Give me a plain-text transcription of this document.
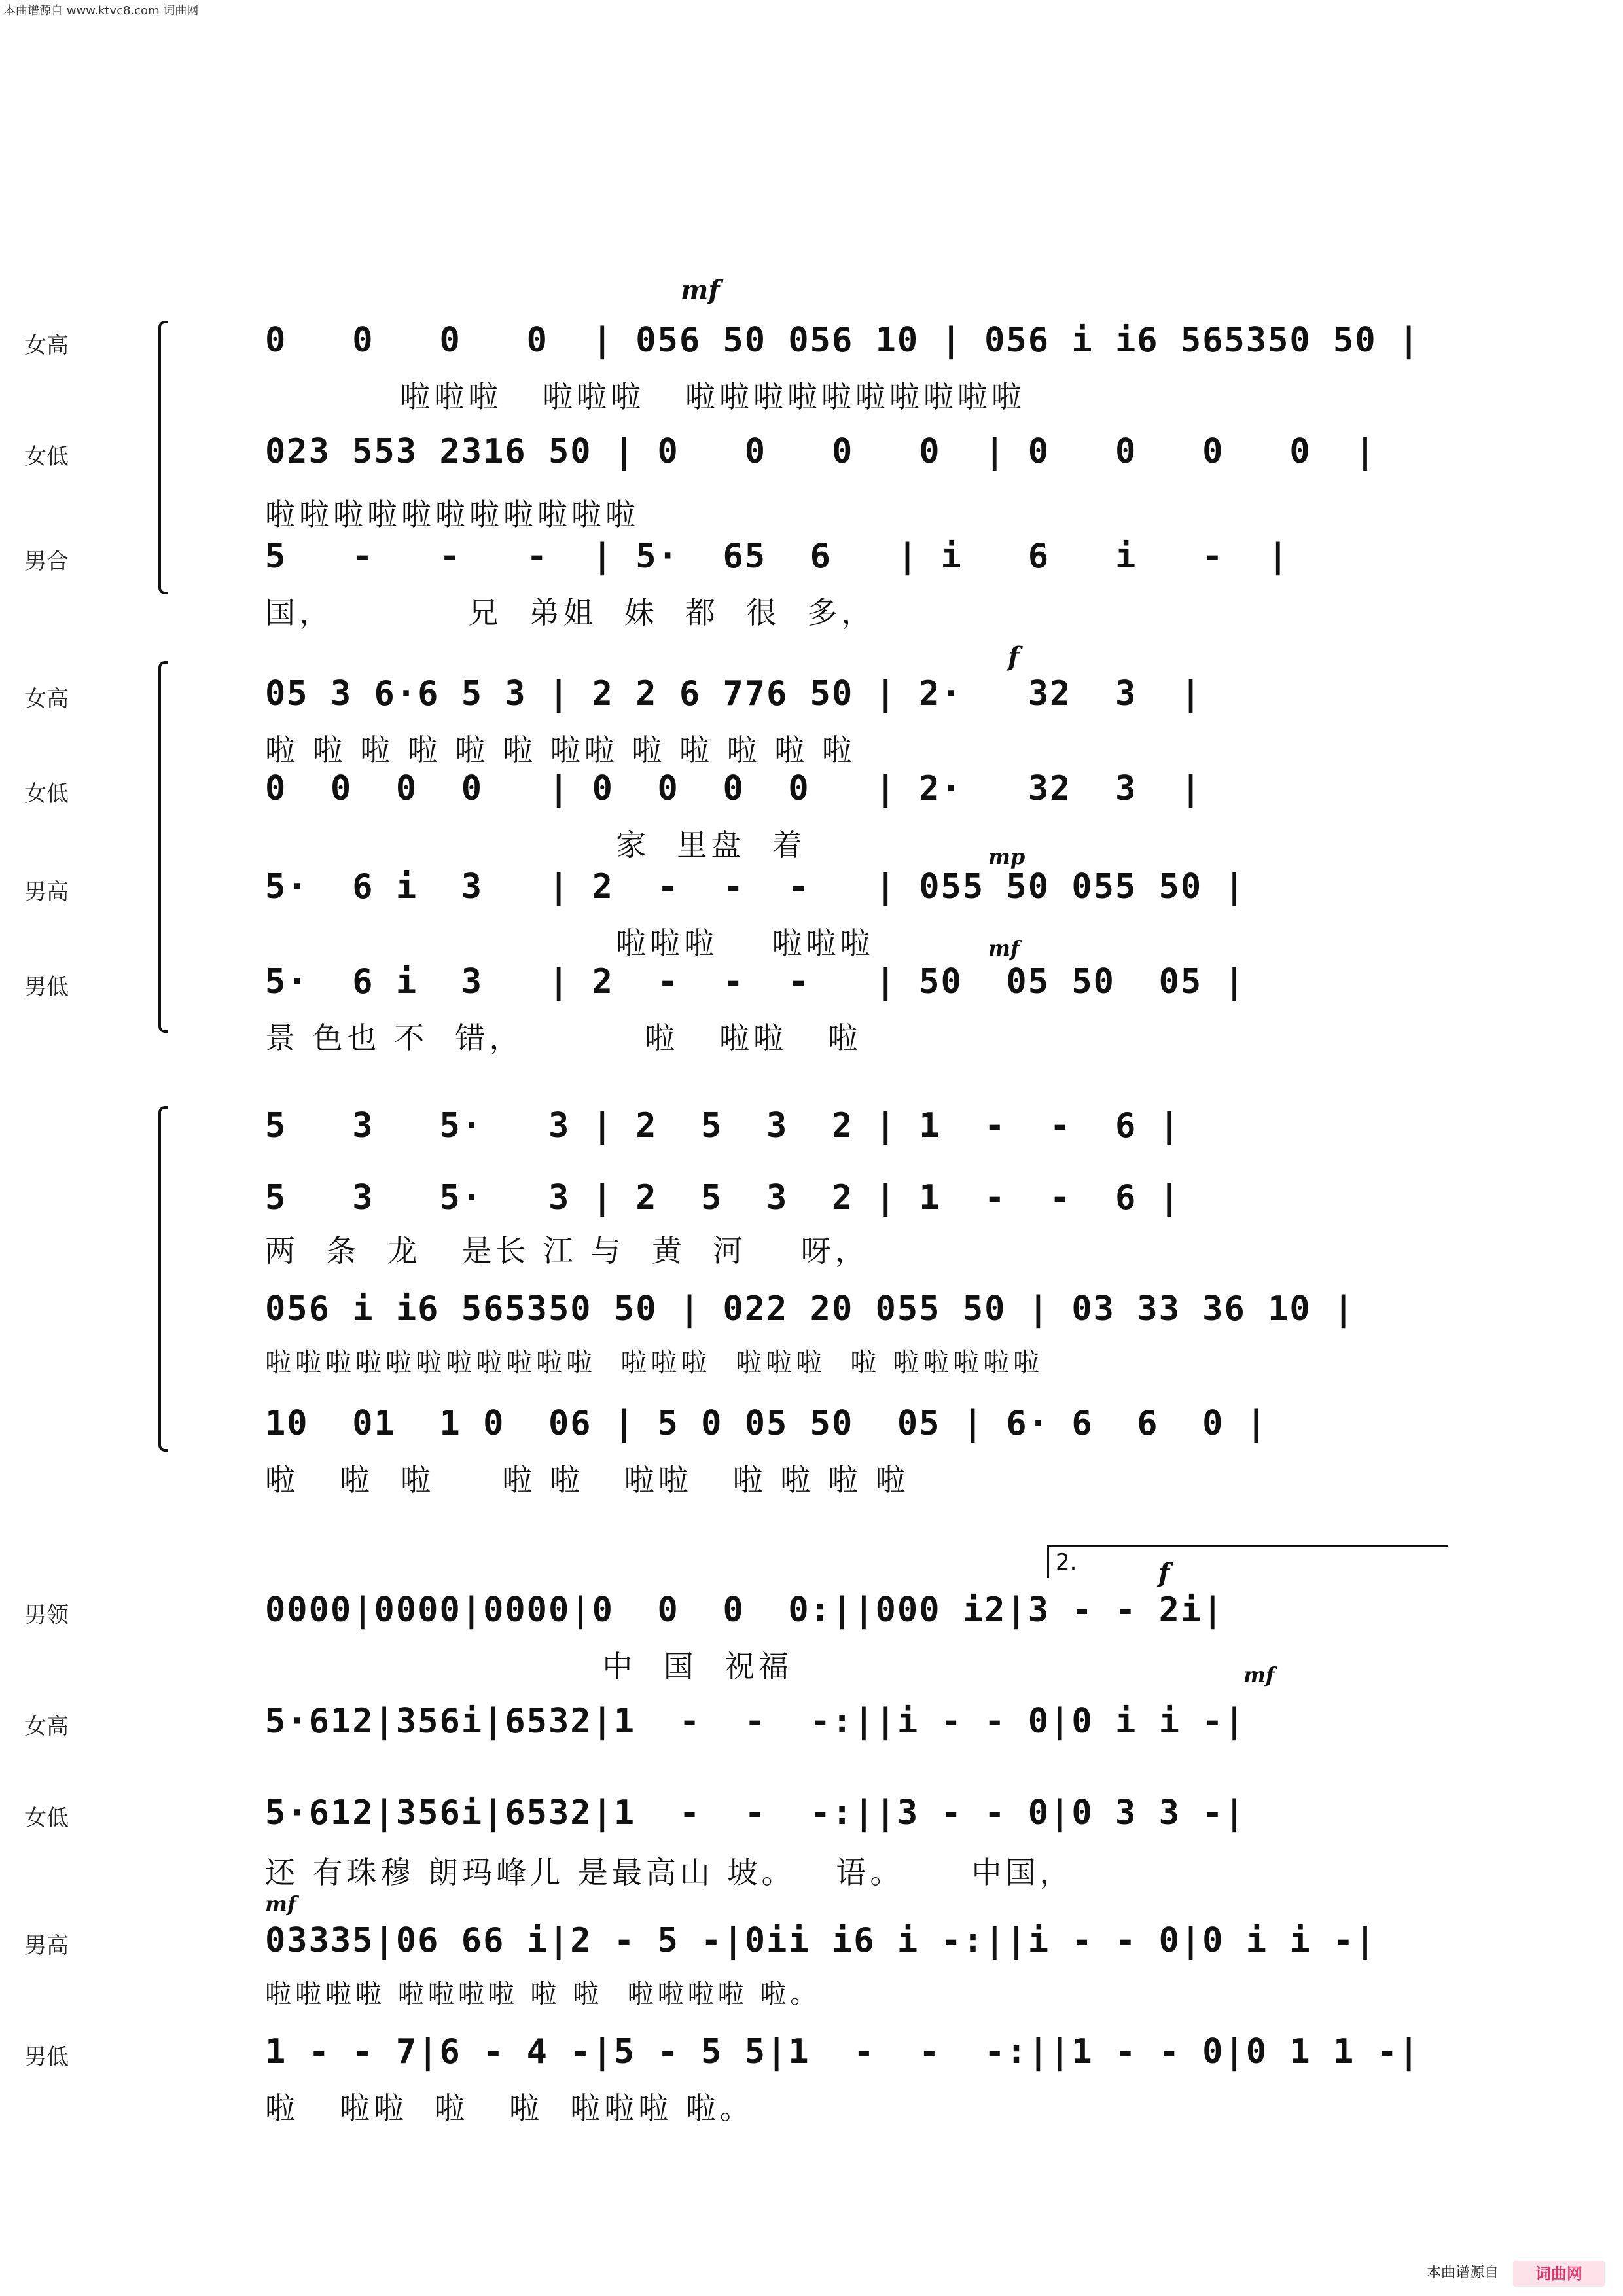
本曲谱源自 www.ktvc8.com 词曲网
mf
女高	0   0   0   0  | 056 50 056 10 | 056 i i6 565350 50 |
啦啦啦   啦啦啦   啦啦啦啦啦啦啦啦啦啦
女低	023 553 2316 50 | 0   0   0   0  | 0   0   0   0  |
啦啦啦啦啦啦啦啦啦啦啦
男合	5   -   -   -  | 5·  65  6   | i   6   i   -  |
国，          兄  弟姐  妹  都  很  多，
f
mp
mf
女高	05 3 6·6 5 3 | 2 2 6 776 50 | 2·   32  3  |
啦 啦 啦 啦 啦 啦 啦啦 啦 啦 啦 啦 啦
女低	0  0  0  0   | 0  0  0  0   | 2·   32  3  |
家  里盘  着
男高	5·  6 i  3   | 2  -  -  -   | 055 50 055 50 |
啦啦啦    啦啦啦
男低	5·  6 i  3   | 2  -  -  -   | 50  05 50  05 |
景 色也 不  错，         啦   啦啦   啦
5   3   5·   3 | 2  5  3  2 | 1  -  -  6 |
5   3   5·   3 | 2  5  3  2 | 1  -  -  6 |
两  条  龙   是长 江 与  黄  河    呀，
056 i i6 565350 50 | 022 20 055 50 | 03 33 36 10 |
啦啦啦啦啦啦啦啦啦啦啦  啦啦啦  啦啦啦  啦 啦啦啦啦啦
10  01  1 0  06 | 5 0 05 50  05 | 6· 6  6  0 |
啦   啦  啦     啦 啦   啦啦   啦 啦 啦 啦
2.	f
mf
mf
男领	0000|0000|0000|0  0  0  0:||000 i2|3 - - 2i|
中  国  祝福
女高	5·612|356i|6532|1  -  -  -:||i - - 0|0 i i -|
女低	5·612|356i|6532|1  -  -  -:||3 - - 0|0 3 3 -|
还 有珠穆 朗玛峰儿 是最高山 坡。   语。     中国，
男高	03335|06 66 i|2 - 5 -|0ii i6 i -:||i - - 0|0 i i -|
啦啦啦啦 啦啦啦啦 啦 啦  啦啦啦啦 啦。
男低	1 - - 7|6 - 4 -|5 - 5 5|1  -  -  -:||1 - - 0|0 1 1 -|
啦   啦啦  啦   啦  啦啦啦 啦。
本曲谱源自	词曲网
